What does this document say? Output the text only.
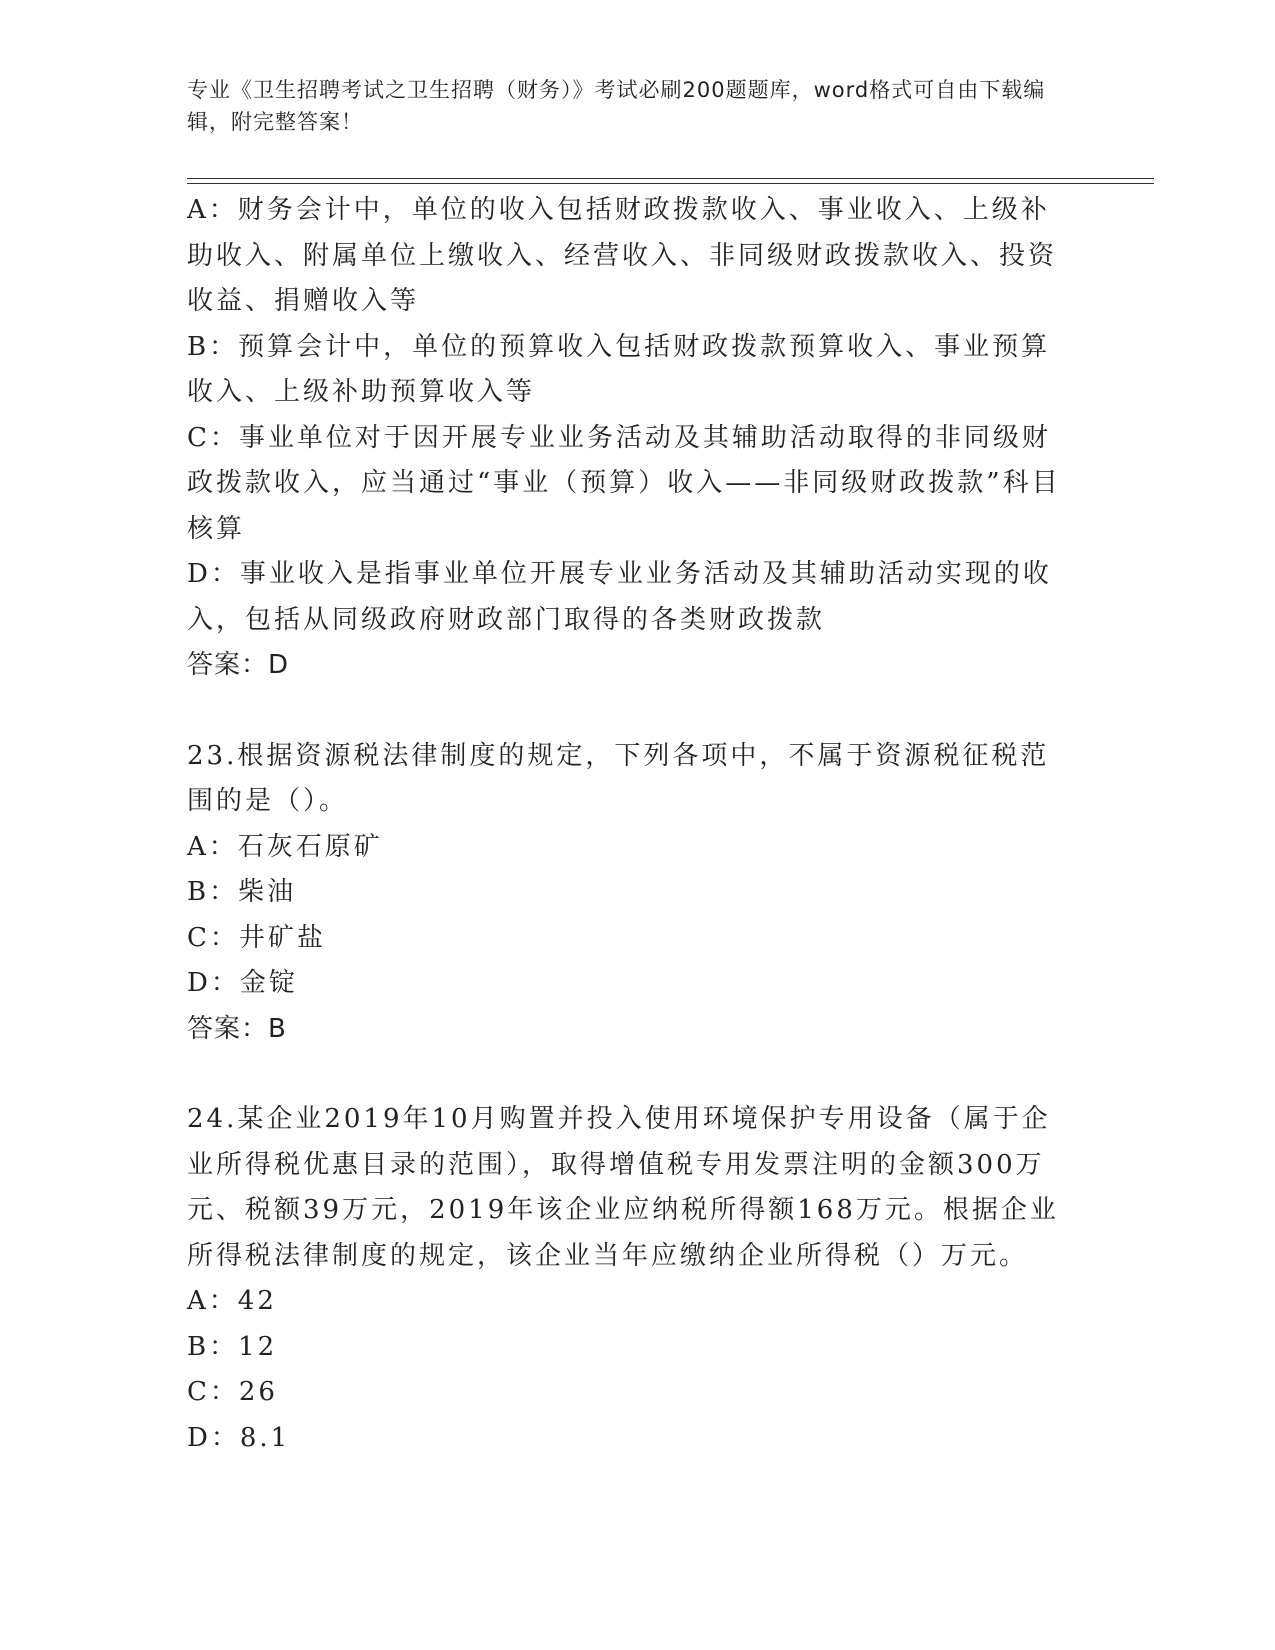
专业《卫生招聘考试之卫生招聘（财务）》考试必刷200题题库，word格式可自由下载编辑，附完整答案！

A：财务会计中，单位的收入包括财政拨款收入、事业收入、上级补助收入、附属单位上缴收入、经营收入、非同级财政拨款收入、投资收益、捐赠收入等

B：预算会计中，单位的预算收入包括财政拨款预算收入、事业预算收入、上级补助预算收入等

C：事业单位对于因开展专业业务活动及其辅助活动取得的非同级财政拨款收入，应当通过“事业（预算）收入——非同级财政拨款”科目核算

D：事业收入是指事业单位开展专业业务活动及其辅助活动实现的收入，包括从同级政府财政部门取得的各类财政拨款

答案：D

23.根据资源税法律制度的规定，下列各项中，不属于资源税征税范围的是（）。

A：石灰石原矿

B：柴油

C：井矿盐

D：金锭

答案：B

24.某企业2019年10月购置并投入使用环境保护专用设备（属于企业所得税优惠目录的范围），取得增值税专用发票注明的金额300万元、税额39万元，2019年该企业应纳税所得额168万元。根据企业所得税法律制度的规定，该企业当年应缴纳企业所得税（）万元。

A：42

B：12

C：26

D：8.1
